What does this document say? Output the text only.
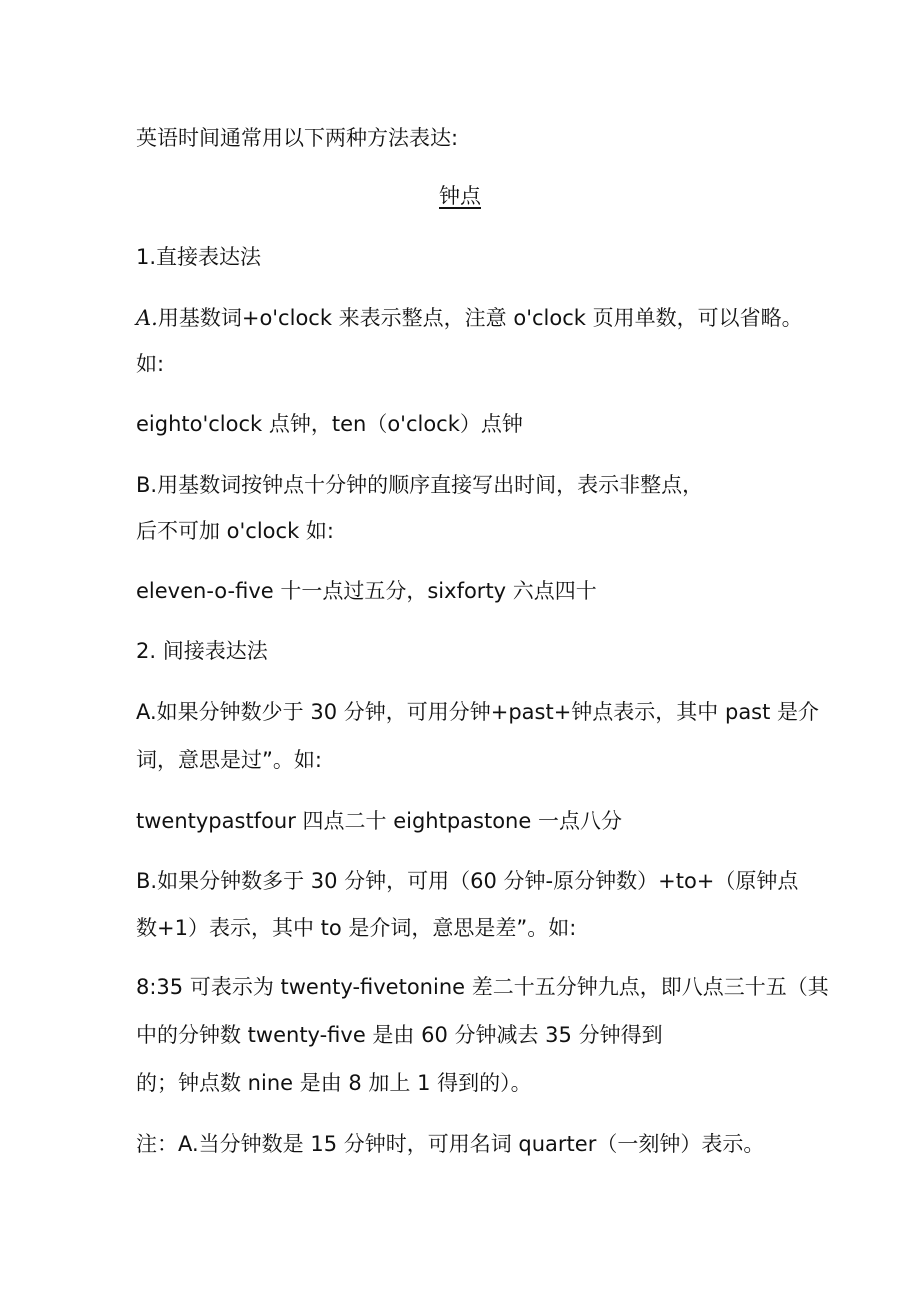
英语时间通常用以下两种方法表达:
钟点
1.直接表达法
A.用基数词+o'clock 来表示整点，注意 o'clock 页用单数，可以省略。
如:
eighto'clock 点钟，ten（o'clock）点钟
B.用基数词按钟点十分钟的顺序直接写出时间，表示非整点，
后不可加 o'clock 如:
eleven-o-five 十一点过五分，sixforty 六点四十
2. 间接表达法
A.如果分钟数少于 30 分钟，可用分钟+past+钟点表示，其中 past 是介
词，意思是过”。如:
twentypastfour 四点二十 eightpastone 一点八分
B.如果分钟数多于 30 分钟，可用（60 分钟-原分钟数）+to+（原钟点
数+1）表示，其中 to 是介词，意思是差”。如:
8:35 可表示为 twenty-fivetonine 差二十五分钟九点，即八点三十五（其
中的分钟数 twenty-five 是由 60 分钟减去 35 分钟得到
的；钟点数 nine 是由 8 加上 1 得到的）。
注：A.当分钟数是 15 分钟时，可用名词 quarter（一刻钟）表示。
